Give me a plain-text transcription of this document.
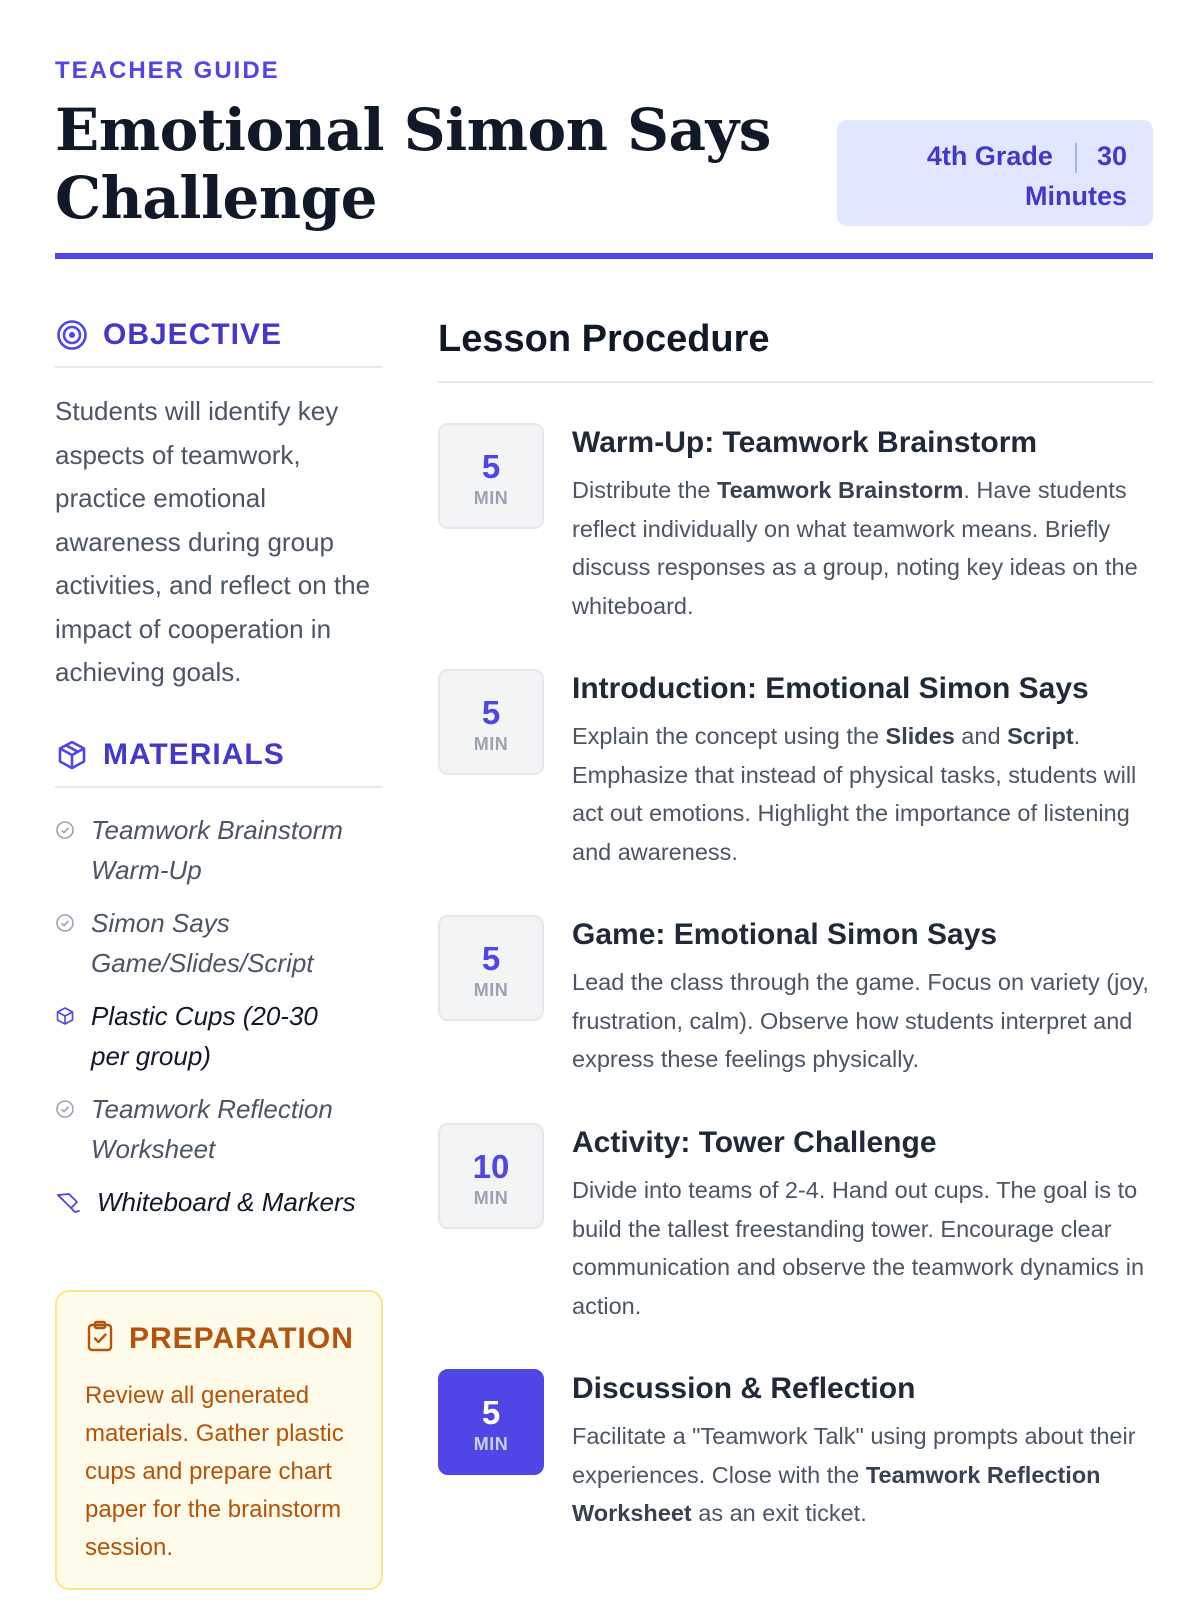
TEACHER GUIDE
Emotional Simon Says
Challenge
4th Grade 30 Minutes
OBJECTIVE

Students will identify key aspects of teamwork, practice emotional awareness during group activities, and reflect on the impact of cooperation in achieving goals.

MATERIALS
Teamwork Brainstorm
Warm-Up
Simon Says
Game/Slides/Script
Plastic Cups (20-30
per group)
Teamwork Reflection
Worksheet
Whiteboard & Markers
PREPARATION

Review all generated materials. Gather plastic cups and prepare chart paper for the brainstorm session.

Lesson Procedure
5
MIN
Warm-Up: Teamwork Brainstorm

Distribute the Teamwork Brainstorm. Have students reflect individually on what teamwork means. Briefly discuss responses as a group, noting key ideas on the whiteboard.

5
MIN
Introduction: Emotional Simon Says

Explain the concept using the Slides and Script. Emphasize that instead of physical tasks, students will act out emotions. Highlight the importance of listening and awareness.

5
MIN
Game: Emotional Simon Says

Lead the class through the game. Focus on variety (joy, frustration, calm). Observe how students interpret and express these feelings physically.

10
MIN
Activity: Tower Challenge

Divide into teams of 2-4. Hand out cups. The goal is to build the tallest freestanding tower. Encourage clear communication and observe the teamwork dynamics in action.

5
MIN
Discussion & Reflection

Facilitate a "Teamwork Talk" using prompts about their experiences. Close with the Teamwork Reflection Worksheet as an exit ticket.
